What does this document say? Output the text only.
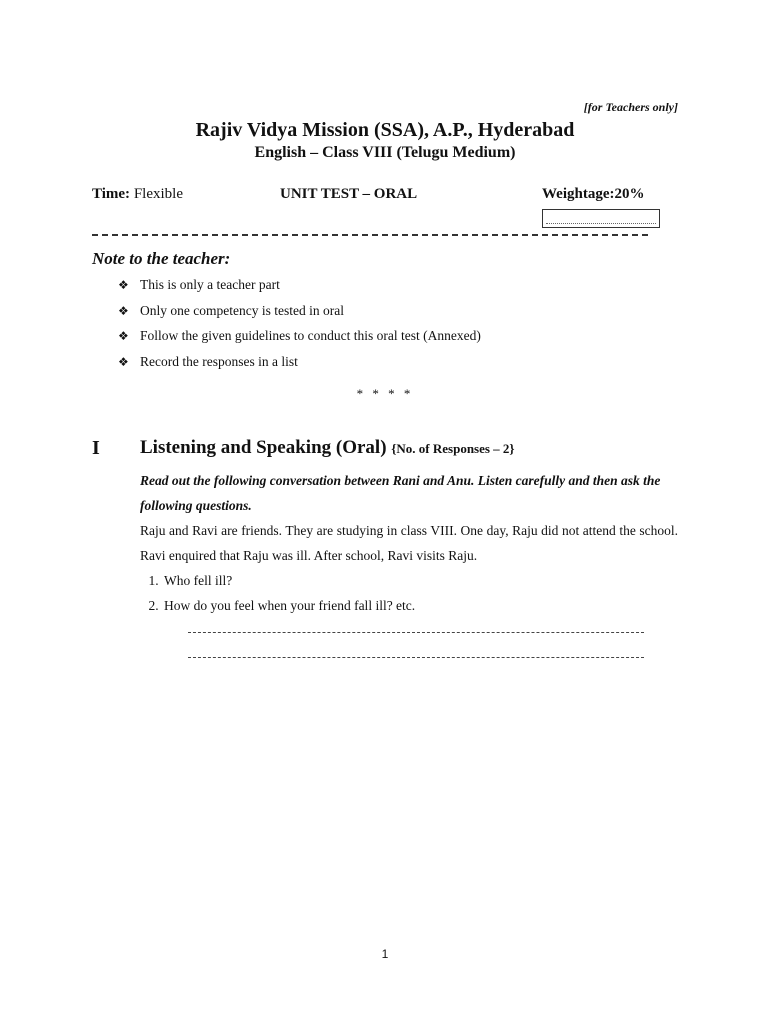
[for Teachers only]
Rajiv Vidya Mission (SSA), A.P., Hyderabad
English – Class VIII (Telugu Medium)
Time: Flexible	UNIT TEST – ORAL	Weightage:20%
Note to the teacher:
❖ This is only a teacher part
❖ Only one competency is tested in oral
❖ Follow the given guidelines to conduct this oral test (Annexed)
❖ Record the responses in a list
* * * *
I Listening and Speaking (Oral) {No. of Responses – 2}

Read out the following conversation between Rani and Anu. Listen carefully and then ask the following questions.

Raju and Ravi are friends. They are studying in class VIII. One day, Raju did not attend the school. Ravi enquired that Raju was ill. After school, Ravi visits Raju.

1. Who fell ill?
2. How do you feel when your friend fall ill? etc.
1
